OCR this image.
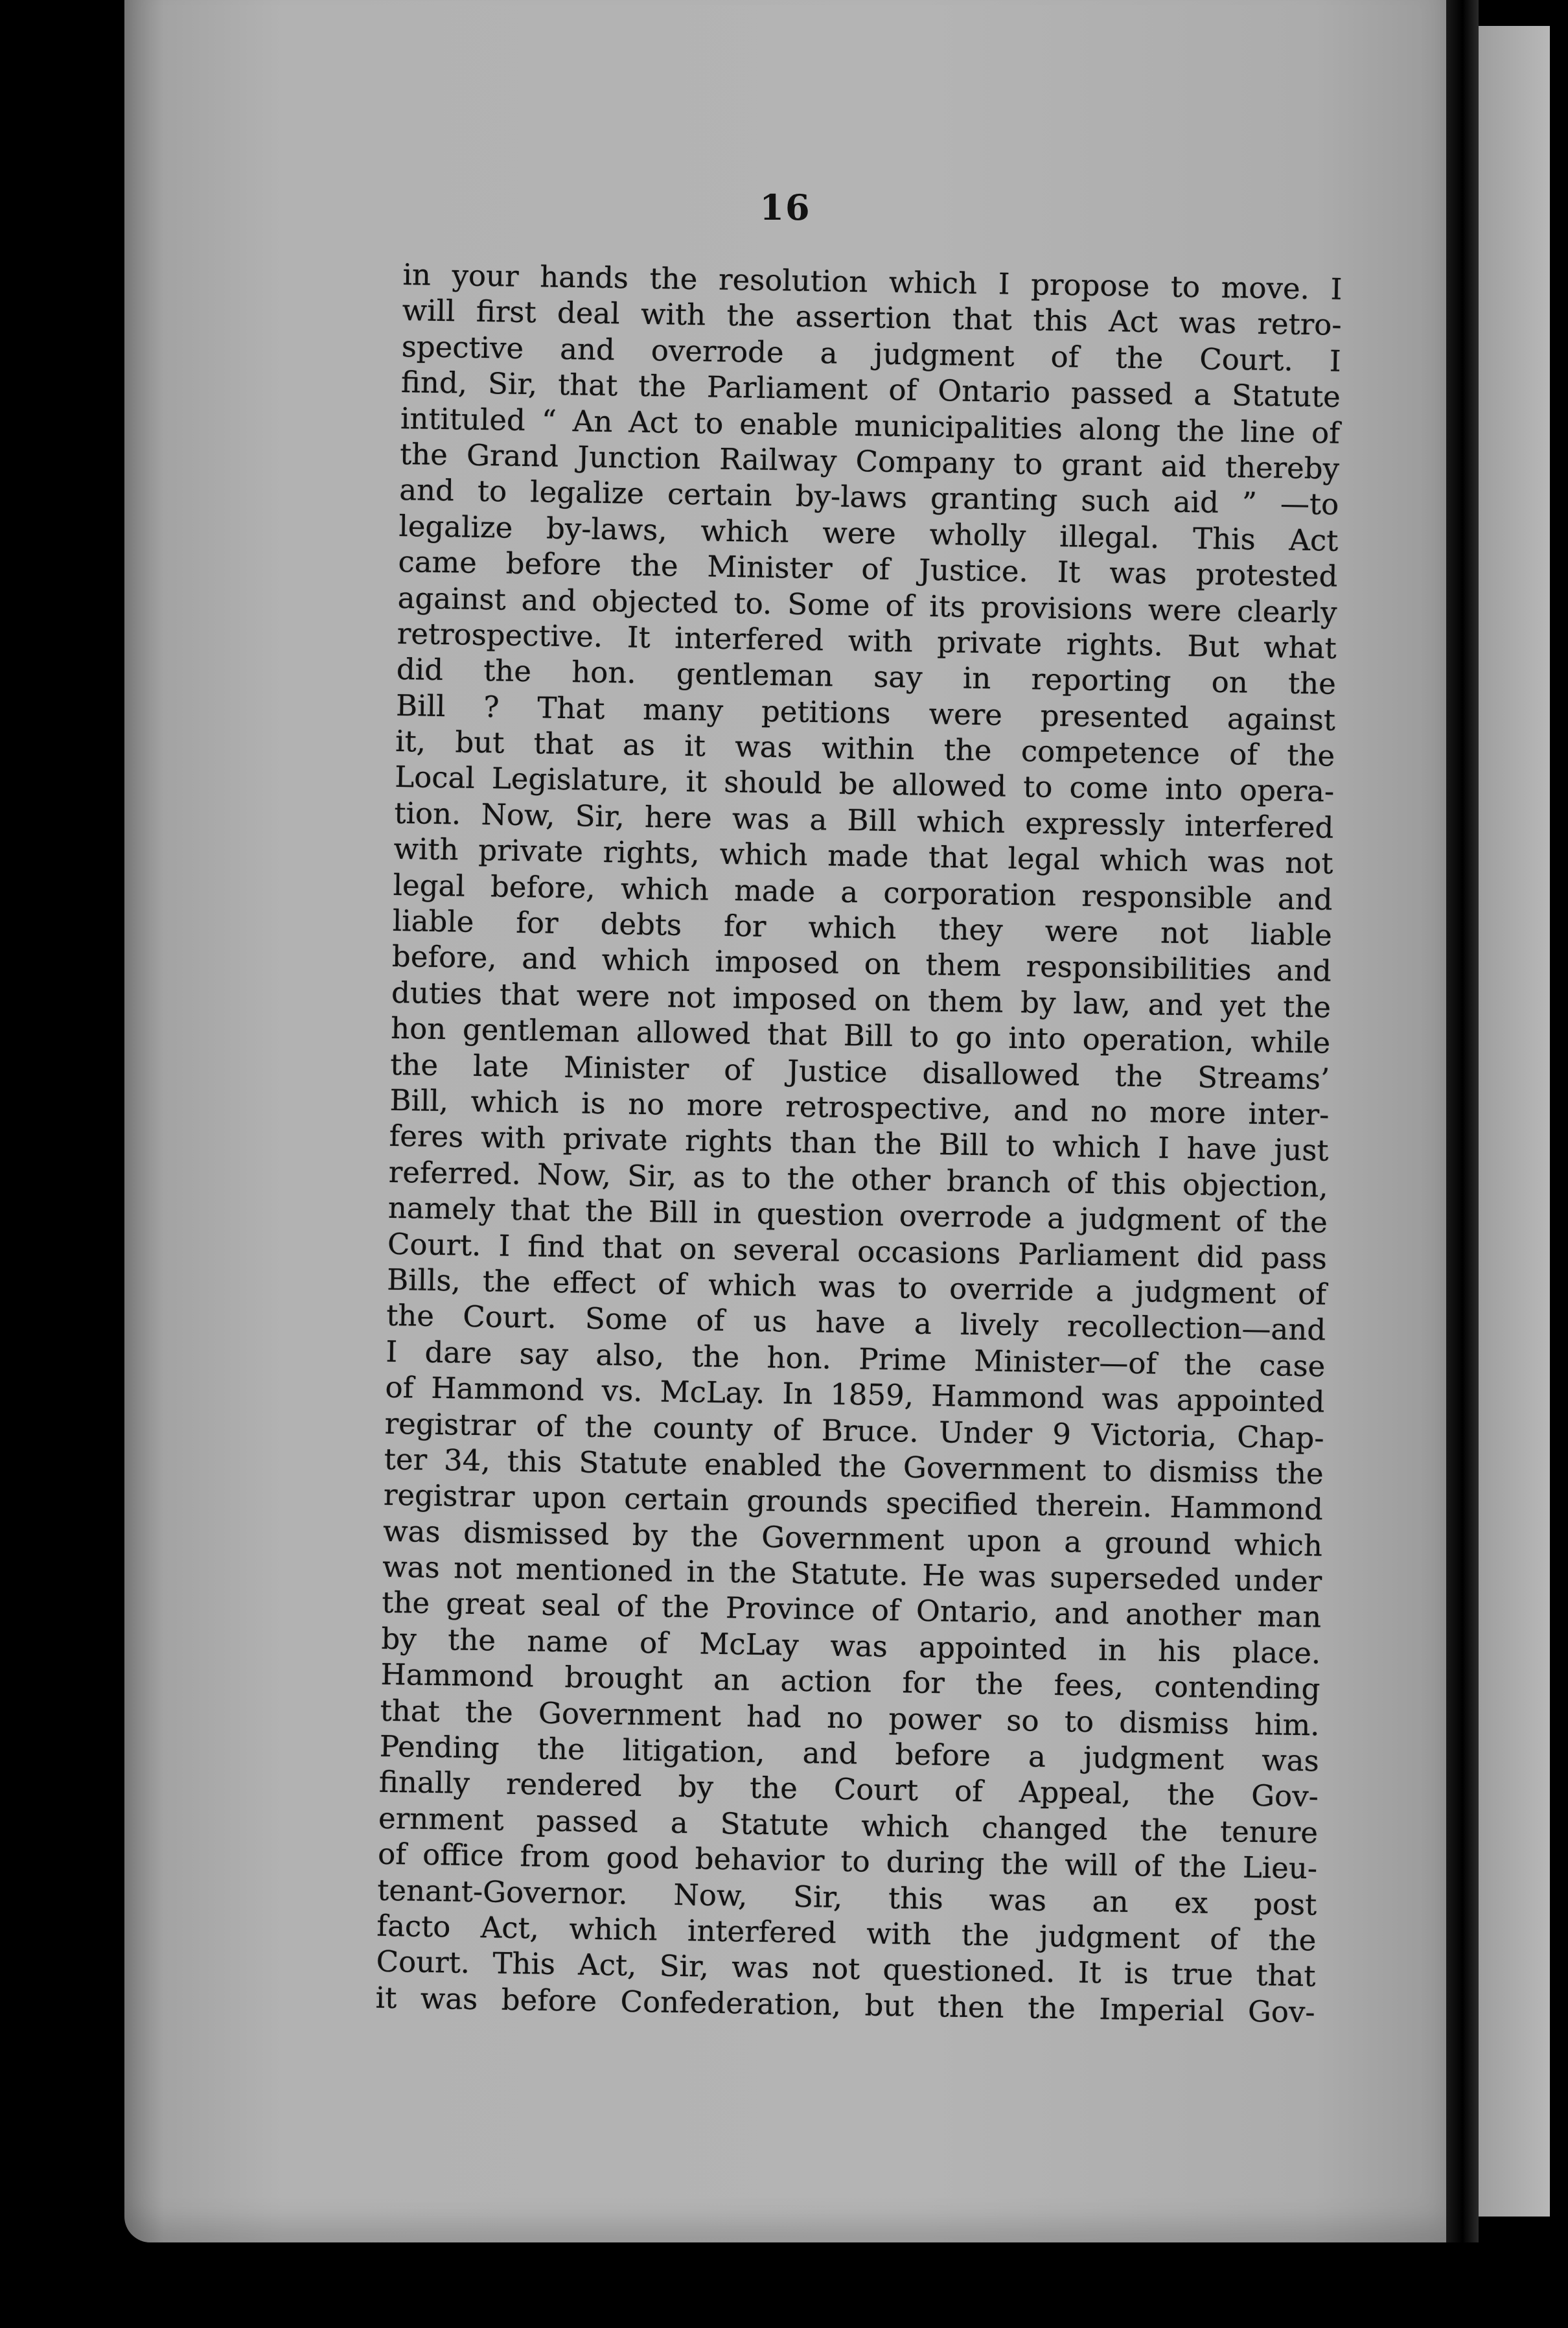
16
in your hands the resolution which I propose to move. I
will first deal with the assertion that this Act was retro-
spective and overrode a judgment of the Court. I
find, Sir, that the Parliament of Ontario passed a Statute
intituled “ An Act to enable municipalities along the line of
the Grand Junction Railway Company to grant aid thereby
and to legalize certain by-laws granting such aid ” —to
legalize by-laws, which were wholly illegal. This Act
came before the Minister of Justice. It was protested
against and objected to. Some of its provisions were clearly
retrospective. It interfered with private rights. But what
did the hon. gentleman say in reporting on the
Bill ? That many petitions were presented against
it, but that as it was within the competence of the
Local Legislature, it should be allowed to come into opera-
tion. Now, Sir, here was a Bill which expressly interfered
with private rights, which made that legal which was not
legal before, which made a corporation responsible and
liable for debts for which they were not liable
before, and which imposed on them responsibilities and
duties that were not imposed on them by law, and yet the
hon gentleman allowed that Bill to go into operation, while
the late Minister of Justice disallowed the Streams’
Bill, which is no more retrospective, and no more inter-
feres with private rights than the Bill to which I have just
referred. Now, Sir, as to the other branch of this objection,
namely that the Bill in question overrode a judgment of the
Court. I find that on several occasions Parliament did pass
Bills, the effect of which was to override a judgment of
the Court. Some of us have a lively recollection—and
I dare say also, the hon. Prime Minister—of the case
of Hammond vs. McLay. In 1859, Hammond was appointed
registrar of the county of Bruce. Under 9 Victoria, Chap-
ter 34, this Statute enabled the Government to dismiss the
registrar upon certain grounds specified therein. Hammond
was dismissed by the Government upon a ground which
was not mentioned in the Statute. He was superseded under
the great seal of the Province of Ontario, and another man
by the name of McLay was appointed in his place.
Hammond brought an action for the fees, contending
that the Government had no power so to dismiss him.
Pending the litigation, and before a judgment was
finally rendered by the Court of Appeal, the Gov-
ernment passed a Statute which changed the tenure
of office from good behavior to during the will of the Lieu-
tenant-Governor. Now, Sir, this was an ex post
facto Act, which interfered with the judgment of the
Court. This Act, Sir, was not questioned. It is true that
it was before Confederation, but then the Imperial Gov-
